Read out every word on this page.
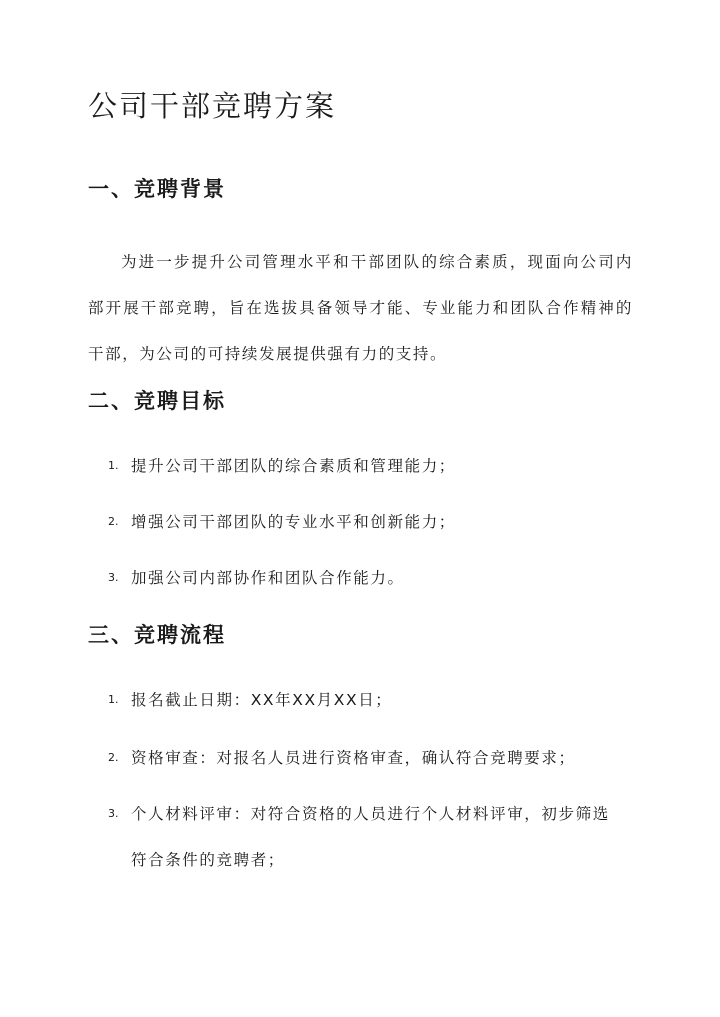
公司干部竞聘方案
一、竞聘背景

为进一步提升公司管理水平和干部团队的综合素质，现面向公司内部开展干部竞聘，旨在选拔具备领导才能、专业能力和团队合作精神的干部，为公司的可持续发展提供强有力的支持。

二、竞聘目标
1. 提升公司干部团队的综合素质和管理能力；
2. 增强公司干部团队的专业水平和创新能力；
3. 加强公司内部协作和团队合作能力。
三、竞聘流程
1. 报名截止日期：XX年XX月XX日；
2. 资格审查：对报名人员进行资格审查，确认符合竞聘要求；
3. 个人材料评审：对符合资格的人员进行个人材料评审，初步筛选符合条件的竞聘者；
